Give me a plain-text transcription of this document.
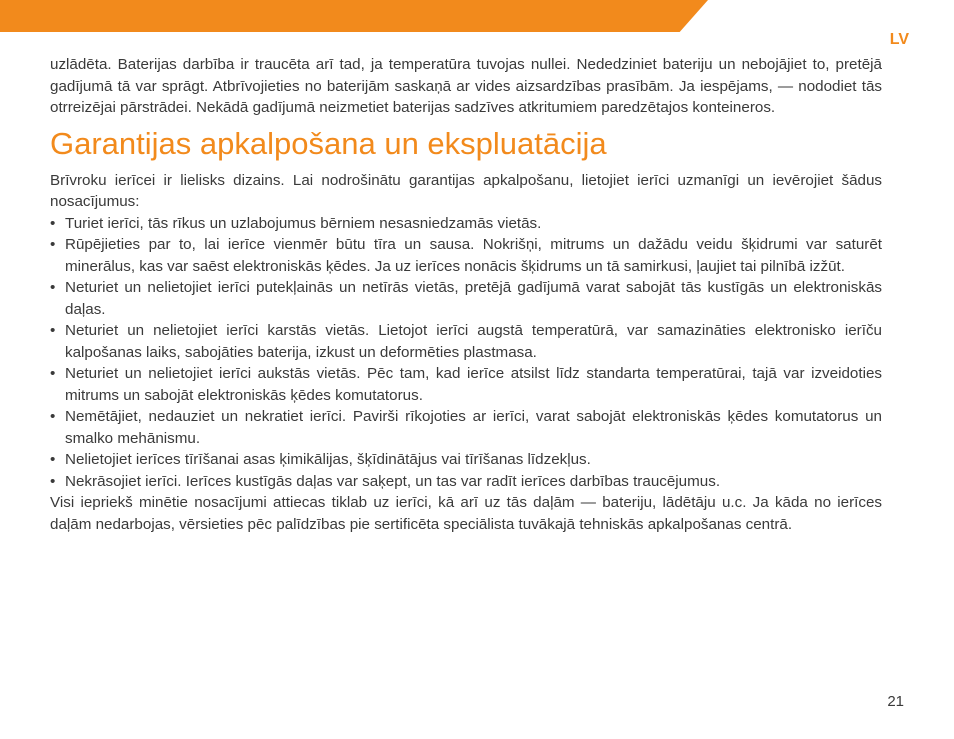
LV

uzlādēta. Baterijas darbība ir traucēta arī tad, ja temperatūra tuvojas nullei. Nededziniet bateriju un nebojājiet to, pretējā gadījumā tā var sprāgt. Atbrīvojieties no baterijām saskaņā ar vides aizsardzības prasībām. Ja iespējams, — nododiet tās otrreizējai pārstrādei. Nekādā gadījumā neizmetiet baterijas sadzīves atkritumiem paredzētajos konteineros.

Garantijas apkalpošana un ekspluatācija

Brīvroku ierīcei ir lielisks dizains. Lai nodrošinātu garantijas apkalpošanu, lietojiet ierīci uzmanīgi un ievērojiet šādus nosacījumus:

• Turiet ierīci, tās rīkus un uzlabojumus bērniem nesasniedzamās vietās.
• Rūpējieties par to, lai ierīce vienmēr būtu tīra un sausa. Nokrišņi, mitrums un dažādu veidu šķidrumi var saturēt minerālus, kas var saēst elektroniskās ķēdes. Ja uz ierīces nonācis šķidrums un tā samirkusi, ļaujiet tai pilnībā izžūt.
• Neturiet un nelietojiet ierīci putekļainās un netīrās vietās, pretējā gadījumā varat sabojāt tās kustīgās un elektroniskās daļas.
• Neturiet un nelietojiet ierīci karstās vietās. Lietojot ierīci augstā temperatūrā, var samazināties elektronisko ierīču kalpošanas laiks, sabojāties baterija, izkust un deformēties plastmasa.
• Neturiet un nelietojiet ierīci aukstās vietās. Pēc tam, kad ierīce atsilst līdz standarta temperatūrai, tajā var izveidoties mitrums un sabojāt elektroniskās ķēdes komutatorus.
• Nemētājiet, nedauziet un nekratiet ierīci. Pavirši rīkojoties ar ierīci, varat sabojāt elektroniskās ķēdes komutatorus un smalko mehānismu.
• Nelietojiet ierīces tīrīšanai asas ķimikālijas, šķīdinātājus vai tīrīšanas līdzekļus.
• Nekrāsojiet ierīci. Ierīces kustīgās daļas var saķept, un tas var radīt ierīces darbības traucējumus.

Visi iepriekš minētie nosacījumi attiecas tiklab uz ierīci, kā arī uz tās daļām — bateriju, lādētāju u.c. Ja kāda no ierīces daļām nedarbojas, vērsieties pēc palīdzības pie sertificēta speciālista tuvākajā tehniskās apkalpošanas centrā.

21
